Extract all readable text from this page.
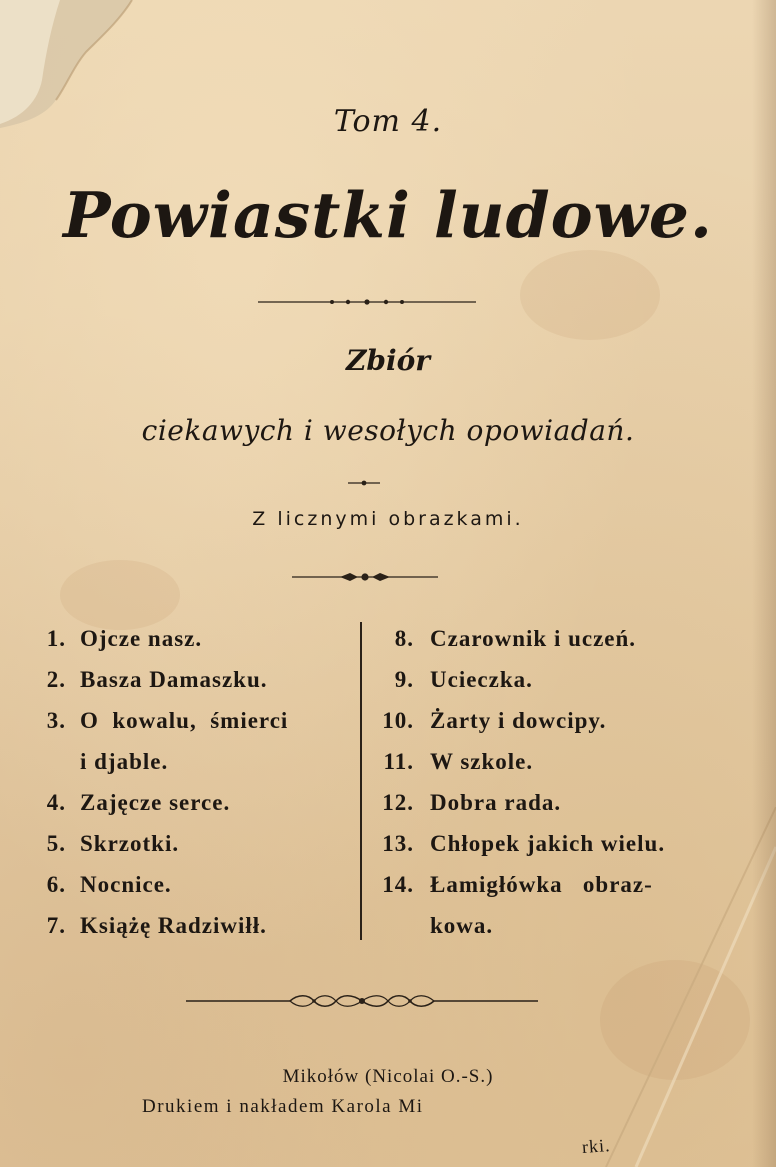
Tom 4.
Powiastki ludowe.
Zbiór
ciekawych i wesołych opowiadań.
Z licznymi obrazkami.
1. Ojcze nasz.
2. Basza Damaszku.
3. O  kowalu,  śmierci
i djable.
4. Zajęcze serce.
5. Skrzotki.
6. Nocnice.
7. Książę Radziwiłł.
8. Czarownik i uczeń.
9. Ucieczka.
10. Żarty i dowcipy.
11. W szkole.
12. Dobra rada.
13. Chłopek jakich wielu.
14. Łamigłówka   obraz-
kowa.
Mikołów (Nicolai O.-S.)
Drukiem i nakładem Karola Mi
rki.
